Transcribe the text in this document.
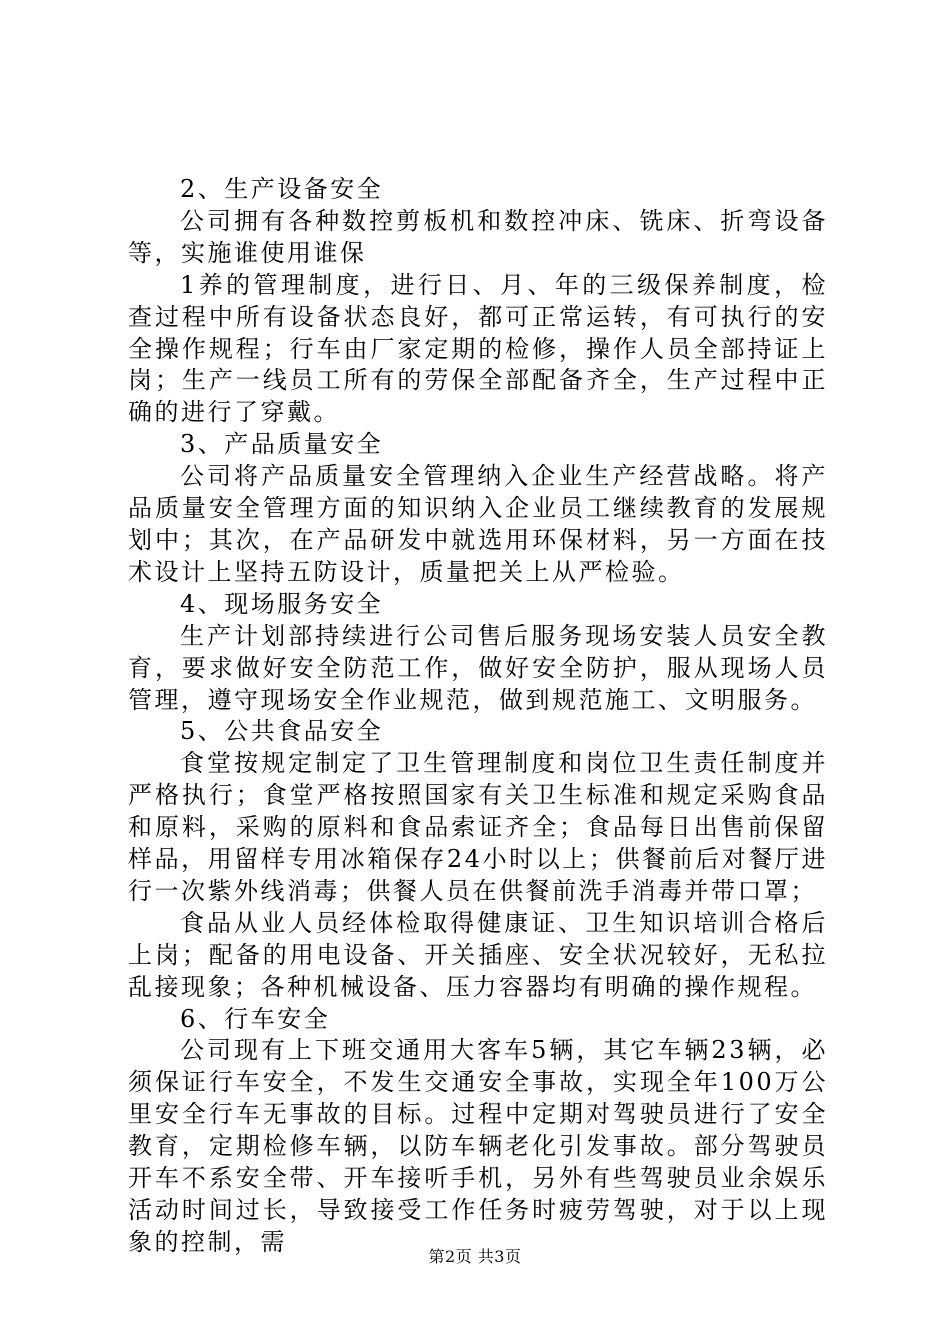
2、生产设备安全

公司拥有各种数控剪板机和数控冲床、铣床、折弯设备等，实施谁使用谁保

1养的管理制度，进行日、月、年的三级保养制度，检查过程中所有设备状态良好，都可正常运转，有可执行的安全操作规程；行车由厂家定期的检修，操作人员全部持证上岗；生产一线员工所有的劳保全部配备齐全，生产过程中正确的进行了穿戴。

3、产品质量安全

公司将产品质量安全管理纳入企业生产经营战略。将产品质量安全管理方面的知识纳入企业员工继续教育的发展规划中；其次，在产品研发中就选用环保材料，另一方面在技术设计上坚持五防设计，质量把关上从严检验。

4、现场服务安全

生产计划部持续进行公司售后服务现场安装人员安全教育，要求做好安全防范工作，做好安全防护，服从现场人员管理，遵守现场安全作业规范，做到规范施工、文明服务。

5、公共食品安全

食堂按规定制定了卫生管理制度和岗位卫生责任制度并严格执行；食堂严格按照国家有关卫生标准和规定采购食品和原料，采购的原料和食品索证齐全；食品每日出售前保留样品，用留样专用冰箱保存24小时以上；供餐前后对餐厅进行一次紫外线消毒；供餐人员在供餐前洗手消毒并带口罩；

食品从业人员经体检取得健康证、卫生知识培训合格后上岗；配备的用电设备、开关插座、安全状况较好，无私拉乱接现象；各种机械设备、压力容器均有明确的操作规程。

6、行车安全

公司现有上下班交通用大客车5辆，其它车辆23辆，必须保证行车安全，不发生交通安全事故，实现全年100万公里安全行车无事故的目标。过程中定期对驾驶员进行了安全教育，定期检修车辆，以防车辆老化引发事故。部分驾驶员开车不系安全带、开车接听手机，另外有些驾驶员业余娱乐活动时间过长，导致接受工作任务时疲劳驾驶，对于以上现象的控制，需

第2页 共3页
